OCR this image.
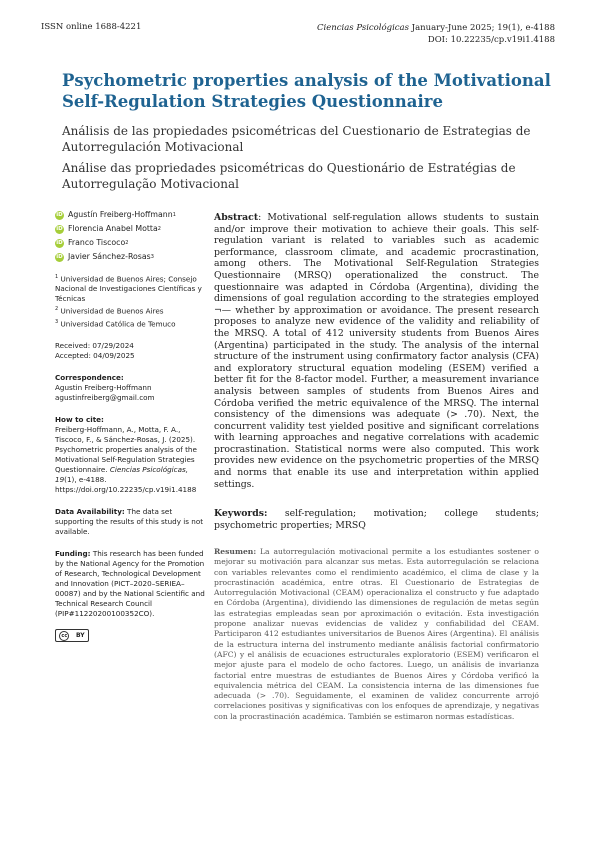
ISSN online 1688-4221	Ciencias Psicológicas January-June 2025; 19(1), e-4188
DOI: 10.22235/cp.v19i1.4188
Psychometric properties analysis of the Motivational Self-Regulation Strategies Questionnaire
Análisis de las propiedades psicométricas del Cuestionario de Estrategias de Autorregulación Motivacional
Análise das propriedades psicométricas do Questionário de Estratégias de Autorregulação Motivacional
iD Agustín Freiberg-Hoffmann 1
iD Florencia Anabel Motta 2
iD Franco Tiscoco 2
iD Javier Sánchez-Rosas 3

$^1$ Universidad de Buenos Aires; Consejo Nacional de Investigaciones Científicas y Técnicas

$^2$ Universidad de Buenos Aires

$^3$ Universidad Católica de Temuco

Received: 07/29/2024
Accepted: 04/09/2025
Correspondence:
Agustin Freiberg-Hoffmann
agustinfreiberg@gmail.com
How to cite:
Freiberg-Hoffmann, A., Motta, F. A., Tiscoco, F., & Sánchez-Rosas, J. (2025). Psychometric properties analysis of the Motivational Self-Regulation Strategies Questionnaire. Ciencias Psicológicas, 19(1), e-4188. https://doi.org/10.22235/cp.v19i1.4188
Data Availability: The data set supporting the results of this study is not available.
Funding: This research has been funded by the National Agency for the Promotion of Research, Technological Development and Innovation (PICT–2020–SERIEA–00087) and by the National Scientific and Technical Research Council (PIP#11220200100352CO).
cc	BY
Abstract: Motivational self-regulation allows students to sustain and/or improve their motivation to achieve their goals. This self-regulation variant is related to variables such as academic performance, classroom climate, and academic procrastination, among others. The Motivational Self-Regulation Strategies Questionnaire (MRSQ) operationalized the construct. The questionnaire was adapted in Córdoba (Argentina), dividing the dimensions of goal regulation according to the strategies employed ¬— whether by approximation or avoidance. The present research proposes to analyze new evidence of the validity and reliability of the MRSQ. A total of 412 university students from Buenos Aires (Argentina) participated in the study. The analysis of the internal structure of the instrument using confirmatory factor analysis (CFA) and exploratory structural equation modeling (ESEM) verified a better fit for the 8-factor model. Further, a measurement invariance analysis between samples of students from Buenos Aires and Córdoba verified the metric equivalence of the MRSQ. The internal consistency of the dimensions was adequate (> .70). Next, the concurrent validity test yielded positive and significant correlations with learning approaches and negative correlations with academic procrastination. Statistical norms were also computed. This work provides new evidence on the psychometric properties of the MRSQ and norms that enable its use and interpretation within applied settings.
Keywords: self-regulation; motivation; college students; psychometric properties; MRSQ
Resumen: La autorregulación motivacional permite a los estudiantes sostener o mejorar su motivación para alcanzar sus metas. Esta autorregulación se relaciona con variables relevantes como el rendimiento académico, el clima de clase y la procrastinación académica, entre otras. El Cuestionario de Estrategias de Autorregulación Motivacional (CEAM) operacionaliza el constructo y fue adaptado en Córdoba (Argentina), dividiendo las dimensiones de regulación de metas según las estrategias empleadas sean por aproximación o evitación. Esta investigación propone analizar nuevas evidencias de validez y confiabilidad del CEAM. Participaron 412 estudiantes universitarios de Buenos Aires (Argentina). El análisis de la estructura interna del instrumento mediante análisis factorial confirmatorio (AFC) y el análisis de ecuaciones estructurales exploratorio (ESEM) verificaron el mejor ajuste para el modelo de ocho factores. Luego, un análisis de invarianza factorial entre muestras de estudiantes de Buenos Aires y Córdoba verificó la equivalencia métrica del CEAM. La consistencia interna de las dimensiones fue adecuada (> .70). Seguidamente, el examinen de validez concurrente arrojó correlaciones positivas y significativas con los enfoques de aprendizaje, y negativas con la procrastinación académica. También se estimaron normas estadísticas.
